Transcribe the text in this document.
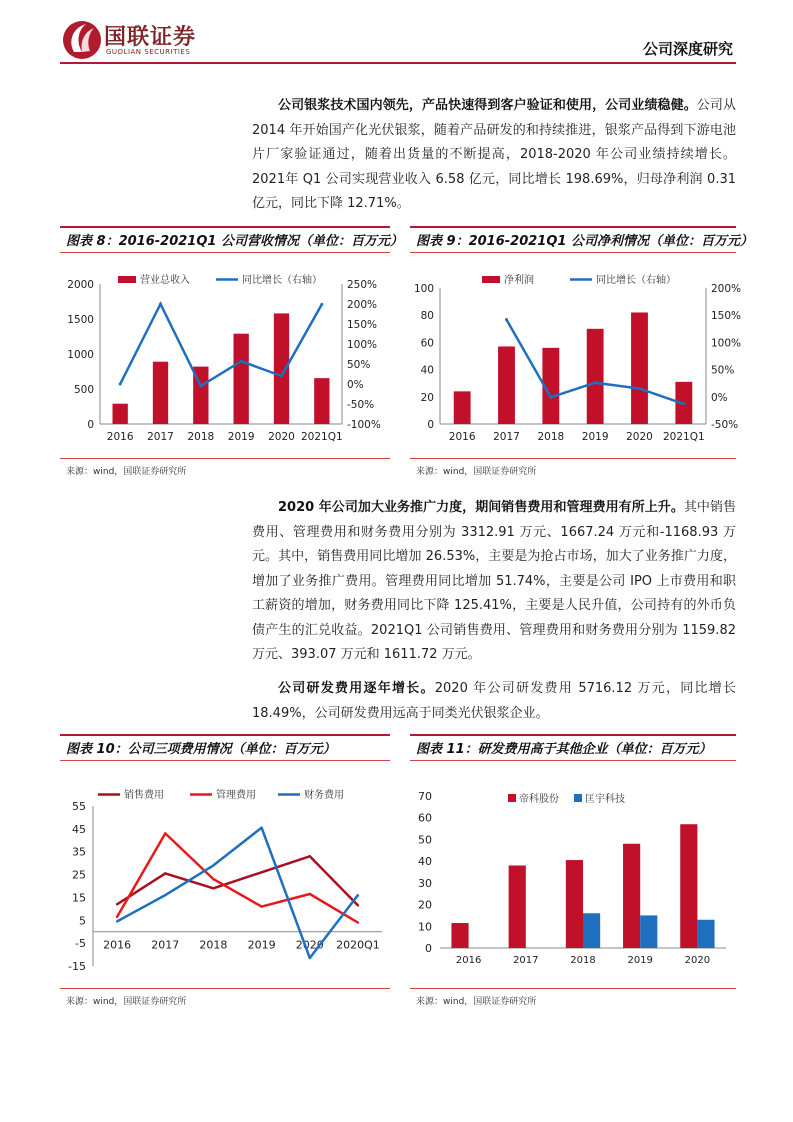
国联证券
GUOLIAN SECURITIES	公司深度研究

公司银浆技术国内领先，产品快速得到客户验证和使用，公司业绩稳健。公司从 2014 年开始国产化光伏银浆，随着产品研发的和持续推进，银浆产品得到下游电池片厂家验证通过，随着出货量的不断提高，2018-2020 年公司业绩持续增长。2021年 Q1 公司实现营业收入 6.58 亿元，同比增长 198.69%，归母净利润 0.31 亿元，同比下降 12.71%。

图表 8：2016-2021Q1 公司营收情况（单位：百万元）
0
500
1000
1500
2000
-100%
-50%
0%
50%
100%
150%
200%
250%
2016 2017 2018 2019 2020 2021Q1
营业总收入	同比增长（右轴）
来源：wind，国联证券研究所
图表 9：2016-2021Q1 公司净利情况（单位：百万元）
0
20
40
60
80
100
-50%
0%
50%
100%
150%
200%
2016 2017 2018 2019 2020 2021Q1
净利润	同比增长（右轴）
来源：wind，国联证券研究所

2020 年公司加大业务推广力度，期间销售费用和管理费用有所上升。其中销售费用、管理费用和财务费用分别为 3312.91 万元、1667.24 万元和-1168.93 万元。其中，销售费用同比增加 26.53%，主要是为抢占市场，加大了业务推广力度，增加了业务推广费用。管理费用同比增加 51.74%，主要是公司 IPO 上市费用和职工薪资的增加，财务费用同比下降 125.41%，主要是人民升值，公司持有的外币负债产生的汇兑收益。2021Q1 公司销售费用、管理费用和财务费用分别为 1159.82 万元、393.07 万元和 1611.72 万元。

公司研发费用逐年增长。2020 年公司研发费用 5716.12 万元，同比增长 18.49%，公司研发费用远高于同类光伏银浆企业。

图表 10：公司三项费用情况（单位：百万元）
-15
-5
5
15
25
35
45
55
2016 2017 2018 2019 2020 2020Q1
销售费用	管理费用	财务费用
来源：wind，国联证券研究所
图表 11：研发费用高于其他企业（单位：百万元）
0
10
20
30
40
50
60
70
2016	2017	2018	2019	2020
帝科股份	匡宇科技
来源：wind，国联证券研究所
